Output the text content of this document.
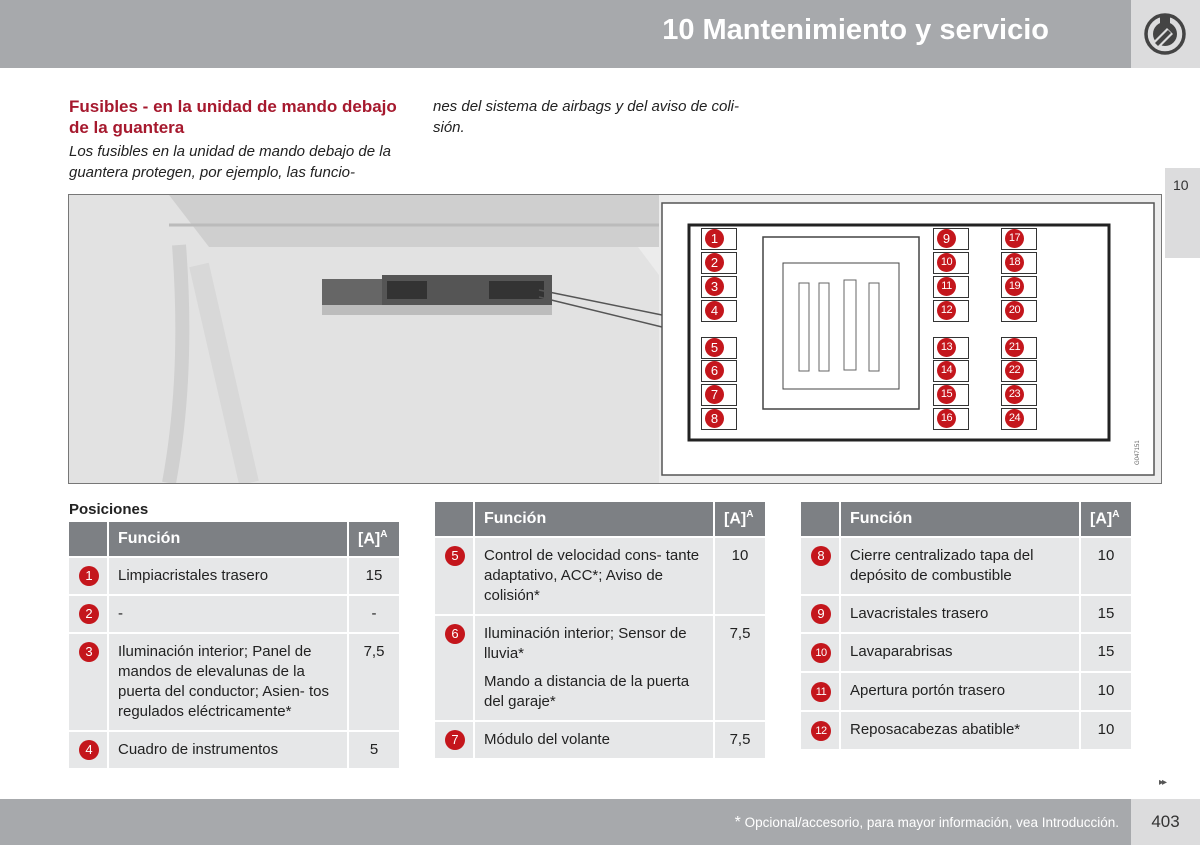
10 Mantenimiento y servicio
10
Fusibles - en la unidad de mando debajo de la guantera
Los fusibles en la unidad de mando debajo de la guantera protegen, por ejemplo, las funcio-
nes del sistema de airbags y del aviso de coli- sión.
G047151
1
2
3
4
5
6
7
8
9
10
11
12
13
14
15
16
17
18
19
20
21
22
23
24
Posiciones
	Función	$[A]^A$
1	Limpiacristales trasero	15
2	-	-
3	Iluminación interior; Panel de mandos de elevalunas de la puerta del conductor; Asien- tos regulados eléctricamente*	7,5
4	Cuadro de instrumentos	5
	Función	$[A]^A$
5	Control de velocidad cons- tante adaptativo, ACC*; Aviso de colisión*	10
6	Iluminación interior; Sensor de lluvia*
Mando a distancia de la puerta del garaje*	7,5
7	Módulo del volante	7,5
	Función	$[A]^A$
8	Cierre centralizado tapa del depósito de combustible	10
9	Lavacristales trasero	15
10	Lavaparabrisas	15
11	Apertura portón trasero	10
12	Reposacabezas abatible*	10
▸▸
* Opcional/accesorio, para mayor información, vea Introducción.	403
